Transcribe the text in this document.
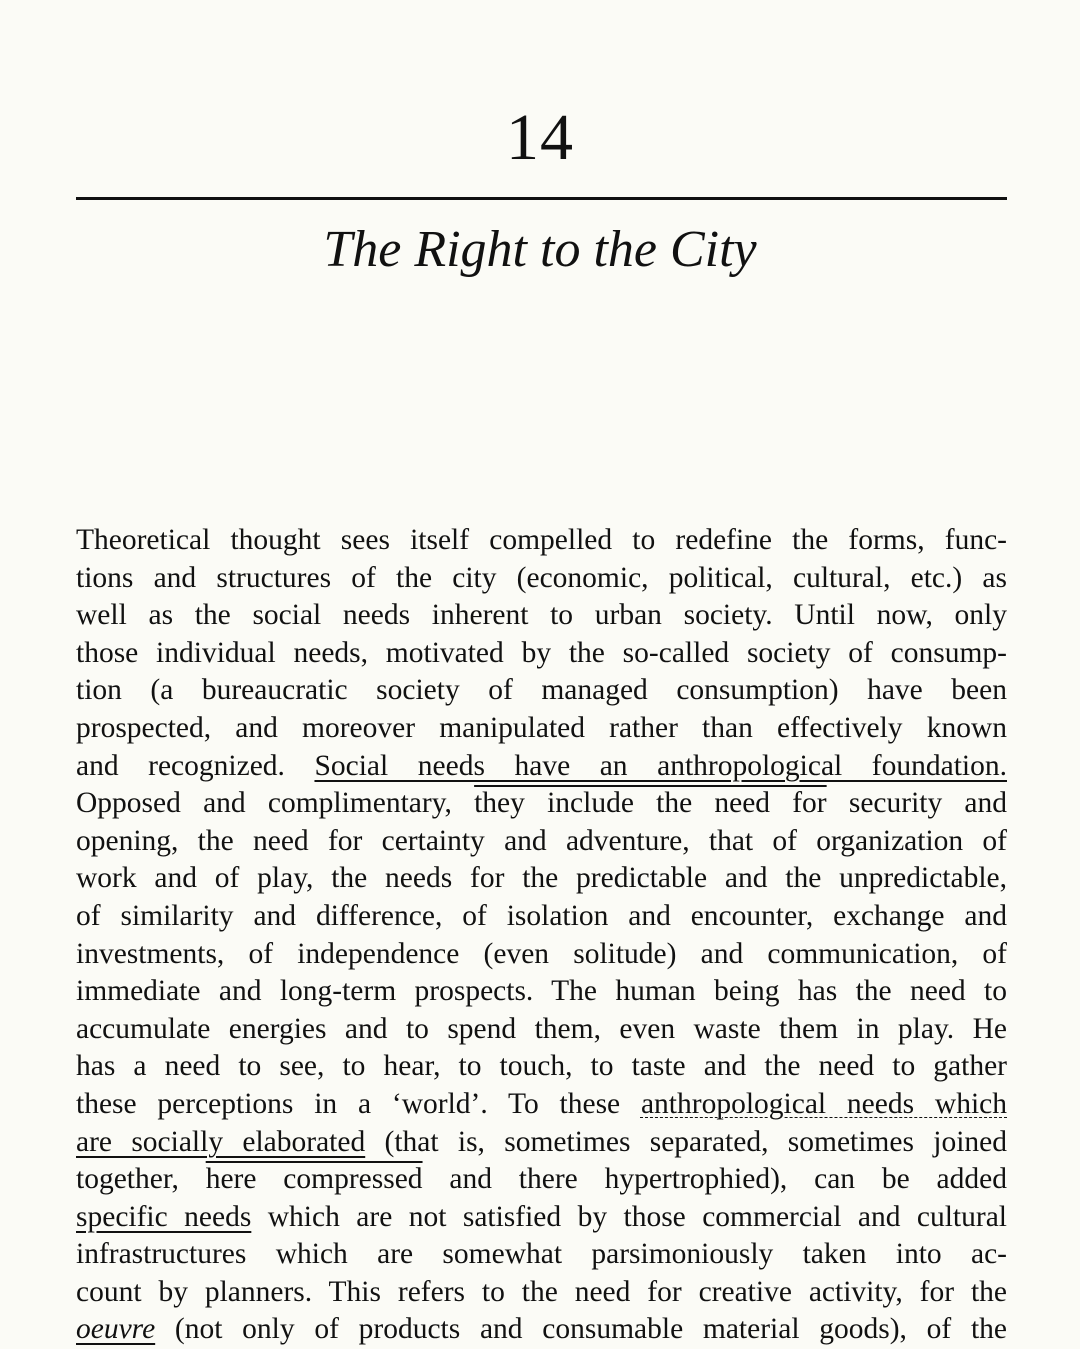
14
The Right to the City
Theoretical thought sees itself compelled to redefine the forms, func-
tions and structures of the city (economic, political, cultural, etc.) as
well as the social needs inherent to urban society. Until now, only
those individual needs, motivated by the so-called society of consump-
tion (a bureaucratic society of managed consumption) have been
prospected, and moreover manipulated rather than effectively known
and recognized. Social needs have an anthropological foundation.
Opposed and complimentary, they include the need for security and
opening, the need for certainty and adventure, that of organization of
work and of play, the needs for the predictable and the unpredictable,
of similarity and difference, of isolation and encounter, exchange and
investments, of independence (even solitude) and communication, of
immediate and long-term prospects. The human being has the need to
accumulate energies and to spend them, even waste them in play. He
has a need to see, to hear, to touch, to taste and the need to gather
these perceptions in a ‘world’. To these anthropological needs which
are socially elaborated (that is, sometimes separated, sometimes joined
together, here compressed and there hypertrophied), can be added
specific needs which are not satisfied by those commercial and cultural
infrastructures which are somewhat parsimoniously taken into ac-
count by planners. This refers to the need for creative activity, for the
oeuvre (not only of products and consumable material goods), of the
